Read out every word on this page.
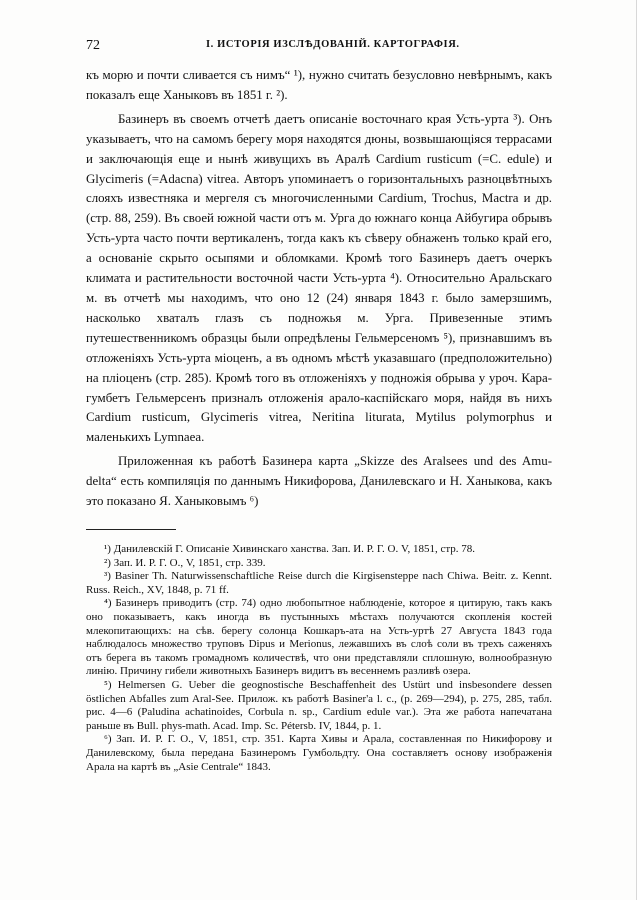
72	I. ИСТОРІЯ ИЗСЛѢДОВАНІЙ. КАРТОГРАФІЯ.

къ морю и почти сливается съ нимъ“ ¹), нужно считать безусловно невѣрнымъ, какъ показалъ еще Ханыковъ въ 1851 г. ²).

Базинеръ въ своемъ отчетѣ даетъ описаніе восточнаго края Усть-урта ³). Онъ указываетъ, что на самомъ берегу моря находятся дюны, возвышающіяся террасами и заключающія еще и нынѣ живущихъ въ Аралѣ Cardium rusticum (=C. edule) и Glycimeris (=Adacna) vitrea. Авторъ упоминаетъ о горизонтальныхъ разноцвѣтныхъ слояхъ известняка и мергеля съ многочисленными Cardium, Trochus, Mactra и др. (стр. 88, 259). Въ своей южной части отъ м. Урга до южнаго конца Айбугира обрывъ Усть-урта часто почти вертикаленъ, тогда какъ къ сѣверу обнаженъ только край его, а основаніе скрыто осыпями и обломками. Кромѣ того Базинеръ даетъ очеркъ климата и растительности восточной части Усть-урта ⁴). Относительно Аральскаго м. въ отчетѣ мы находимъ, что оно 12 (24) января 1843 г. было замерзшимъ, насколько хваталъ глазъ съ подножья м. Урга. Привезенные этимъ путешественникомъ образцы были опредѣлены Гельмерсеномъ ⁵), признавшимъ въ отложеніяхъ Усть-урта міоценъ, а въ одномъ мѣстѣ указавшаго (предположительно) на пліоценъ (стр. 285). Кромѣ того въ отложеніяхъ у подножія обрыва у уроч. Кара-гумбетъ Гельмерсенъ призналъ отложенія арало-каспійскаго моря, найдя въ нихъ Cardium rusticum, Glycimeris vitrea, Neritina liturata, Mytilus polymorphus и маленькихъ Lymnaea.

Приложенная къ работѣ Базинера карта „Skizze des Aralsees und des Amu-delta“ есть компиляція по даннымъ Никифорова, Данилевскаго и Н. Ханыкова, какъ это показано Я. Ханыковымъ ⁶)

¹) Данилевскій Г. Описаніе Хивинскаго ханства. Зап. И. Р. Г. О. V, 1851, стр. 78.

²) Зап. И. Р. Г. О., V, 1851, стр. 339.

³) Basiner Th. Naturwissenschaftliche Reise durch die Kirgisensteppe nach Chiwa. Beitr. z. Kennt. Russ. Reich., XV, 1848, p. 71 ff.

⁴) Базинеръ приводитъ (стр. 74) одно любопытное наблюденіе, которое я цитирую, такъ какъ оно показываетъ, какъ иногда въ пустынныхъ мѣстахъ получаются скопленія костей млекопитающихъ: на сѣв. берегу солонца Кошкаръ-ата на Усть-уртѣ 27 Августа 1843 года наблюдалось множество труповъ Dipus и Merionus, лежавшихъ въ слоѣ соли въ трехъ саженяхъ отъ берега въ такомъ громадномъ количествѣ, что они представляли сплошную, волнообразную линію. Причину гибели животныхъ Базинеръ видитъ въ весеннемъ разливѣ озера.

⁵) Helmersen G. Ueber die geognostische Beschaffenheit des Ustürt und insbesondere dessen östlichen Abfalles zum Aral-See. Прилож. къ работѣ Basiner'а l. c., (р. 269—294), р. 275, 285, табл. рис. 4—6 (Paludina achatinoides, Corbula n. sp., Cardium edule var.). Эта же работа напечатана раньше въ Bull. phys-math. Acad. Imp. Sc. Pétersb. IV, 1844, p. 1.

⁶) Зап. И. Р. Г. О., V, 1851, стр. 351. Карта Хивы и Арала, составленная по Никифорову и Данилевскому, была передана Базинеромъ Гумбольдту. Она составляетъ основу изображенія Арала на картѣ въ „Asie Centrale“ 1843.
